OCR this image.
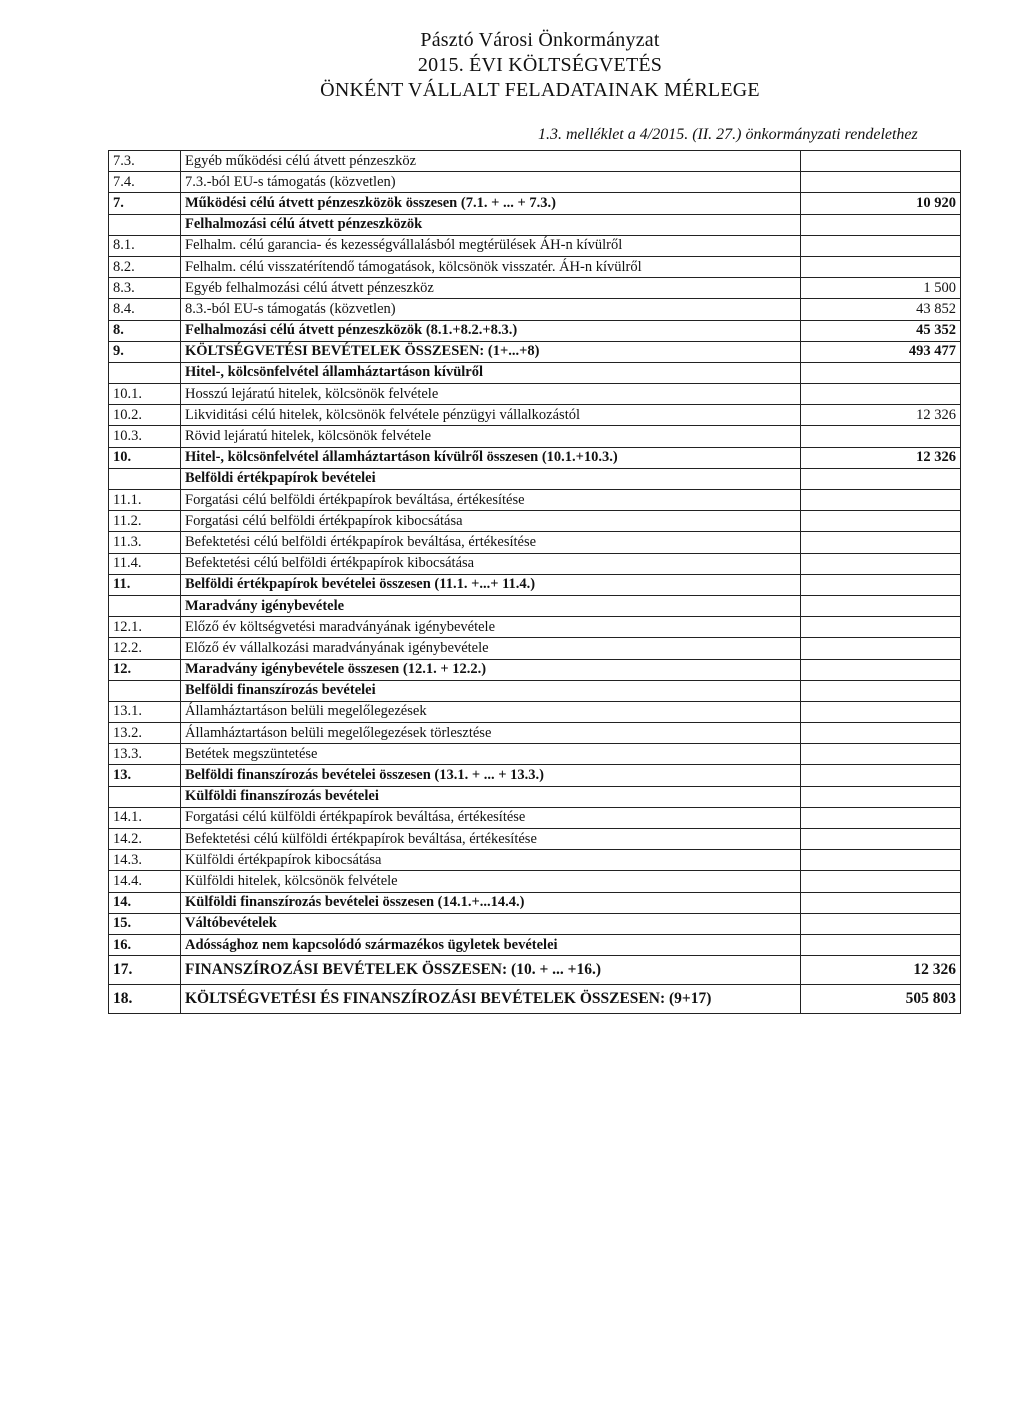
Pásztó Városi Önkormányzat
2015. ÉVI KÖLTSÉGVETÉS
ÖNKÉNT VÁLLALT FELADATAINAK MÉRLEGE
1.3. melléklet a 4/2015. (II. 27.) önkormányzati rendelethez
7.3.	Egyéb működési célú átvett pénzeszköz	
7.4.	7.3.-ból EU-s támogatás (közvetlen)	
7.	Működési célú átvett pénzeszközök összesen (7.1. + ... + 7.3.)	10 920
	Felhalmozási célú átvett pénzeszközök	
8.1.	Felhalm. célú garancia- és kezességvállalásból megtérülések ÁH-n kívülről	
8.2.	Felhalm. célú visszatérítendő támogatások, kölcsönök visszatér. ÁH-n kívülről	
8.3.	Egyéb felhalmozási célú átvett pénzeszköz	1 500
8.4.	8.3.-ból EU-s támogatás (közvetlen)	43 852
8.	Felhalmozási célú átvett pénzeszközök (8.1.+8.2.+8.3.)	45 352
9.	KÖLTSÉGVETÉSI BEVÉTELEK ÖSSZESEN: (1+...+8)	493 477
	Hitel-, kölcsönfelvétel államháztartáson kívülről	
10.1.	Hosszú lejáratú hitelek, kölcsönök felvétele	
10.2.	Likviditási célú hitelek, kölcsönök felvétele pénzügyi vállalkozástól	12 326
10.3.	Rövid lejáratú hitelek, kölcsönök felvétele	
10.	Hitel-, kölcsönfelvétel államháztartáson kívülről összesen (10.1.+10.3.)	12 326
	Belföldi értékpapírok bevételei	
11.1.	Forgatási célú belföldi értékpapírok beváltása, értékesítése	
11.2.	Forgatási célú belföldi értékpapírok kibocsátása	
11.3.	Befektetési célú belföldi értékpapírok beváltása, értékesítése	
11.4.	Befektetési célú belföldi értékpapírok kibocsátása	
11.	Belföldi értékpapírok bevételei összesen (11.1. +...+ 11.4.)	
	Maradvány igénybevétele	
12.1.	Előző év költségvetési maradványának igénybevétele	
12.2.	Előző év vállalkozási maradványának igénybevétele	
12.	Maradvány igénybevétele összesen (12.1. + 12.2.)	
	Belföldi finanszírozás bevételei	
13.1.	Államháztartáson belüli megelőlegezések	
13.2.	Államháztartáson belüli megelőlegezések törlesztése	
13.3.	Betétek megszüntetése	
13.	Belföldi finanszírozás bevételei összesen (13.1. + ... + 13.3.)	
	Külföldi finanszírozás bevételei	
14.1.	Forgatási célú külföldi értékpapírok beváltása, értékesítése	
14.2.	Befektetési célú külföldi értékpapírok beváltása, értékesítése	
14.3.	Külföldi értékpapírok kibocsátása	
14.4.	Külföldi hitelek, kölcsönök felvétele	
14.	Külföldi finanszírozás bevételei összesen (14.1.+...14.4.)	
15.	Váltóbevételek	
16.	Adóssághoz nem kapcsolódó származékos ügyletek bevételei	
17.	FINANSZÍROZÁSI BEVÉTELEK ÖSSZESEN: (10. + ... +16.)	12 326
18.	KÖLTSÉGVETÉSI ÉS FINANSZÍROZÁSI BEVÉTELEK ÖSSZESEN: (9+17)	505 803
